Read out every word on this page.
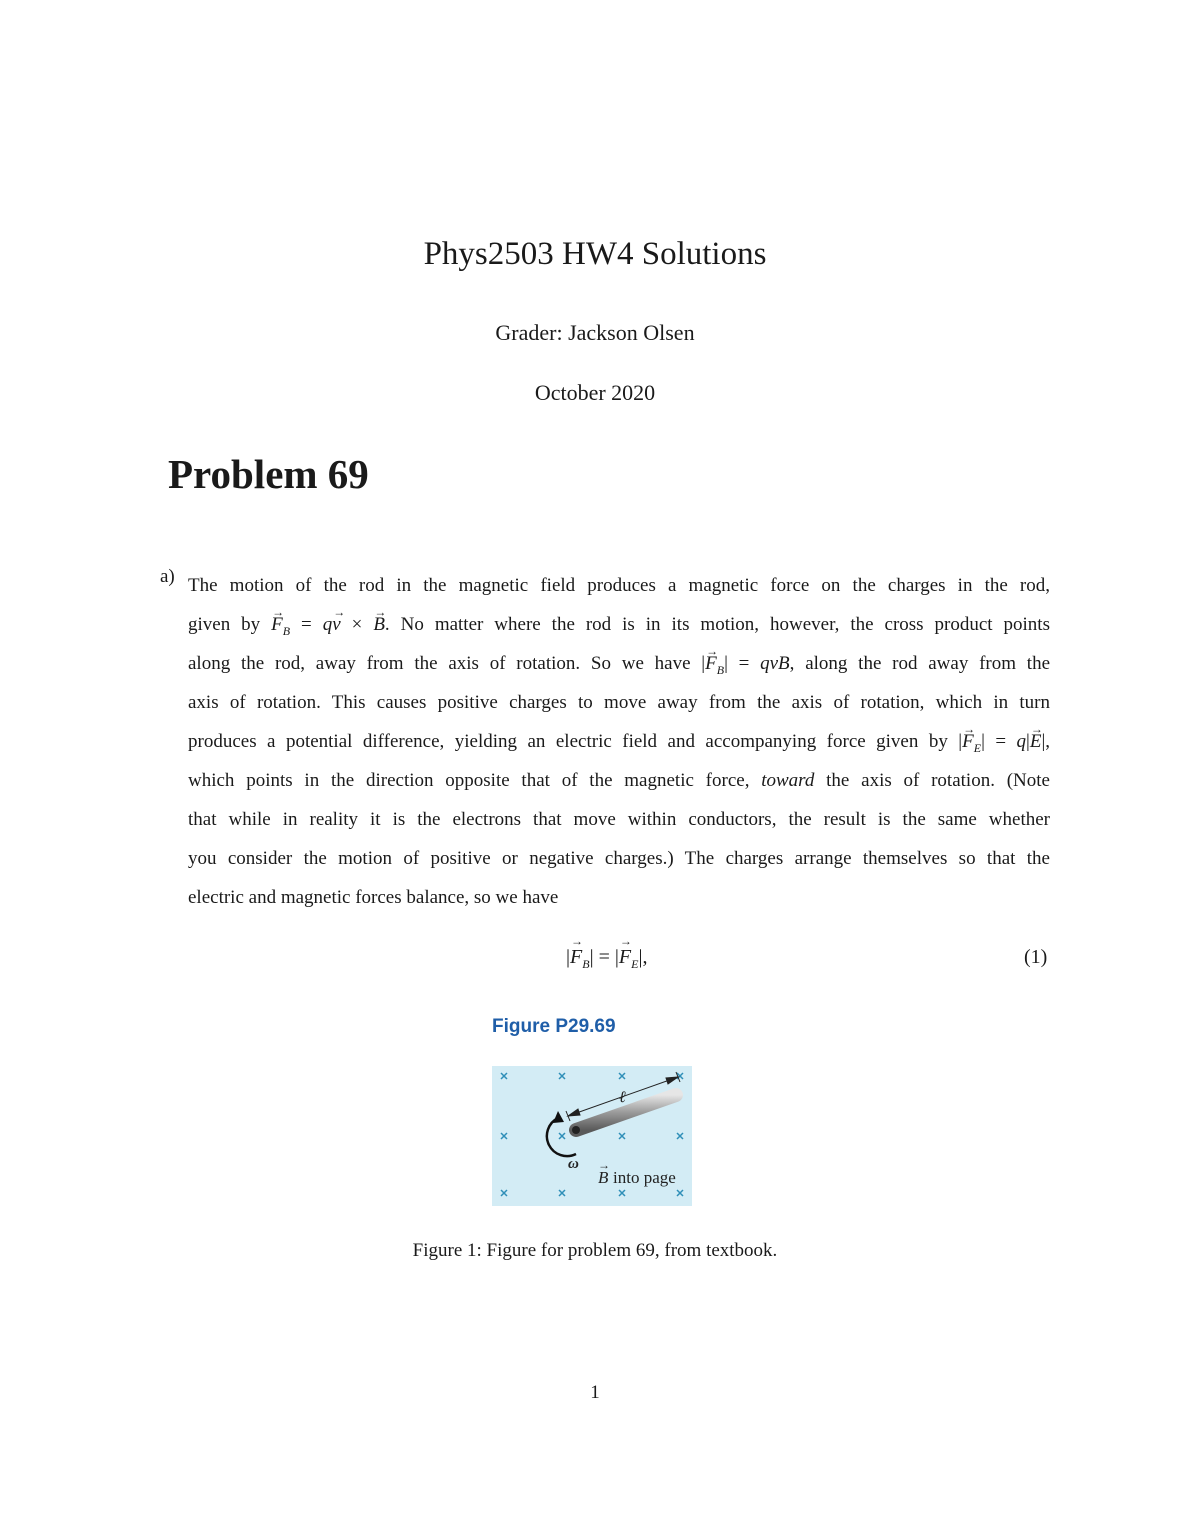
Phys2503 HW4 Solutions
Grader: Jackson Olsen
October 2020
Problem 69
a) The motion of the rod in the magnetic field produces a magnetic force on the charges in the rod,
given by → $F_B = q\to v$ × → B. No matter where the rod is in its motion, however, the cross product points
along the rod, away from the axis of rotation. So we have |→ $F_B|$ = qvB, along the rod away from the
axis of rotation. This causes positive charges to move away from the axis of rotation, which in turn
produces a potential difference, yielding an electric field and accompanying force given by |→ $F_E| = q|\to E|$,
which points in the direction opposite that of the magnetic force, toward the axis of rotation. (Note
that while in reality it is the electrons that move within conductors, the result is the same whether
you consider the motion of positive or negative charges.) The charges arrange themselves so that the
electric and magnetic forces balance, so we have
|→ $F_B|$ = |→ $F_E|$,	(1)
Figure P29.69
ℓ
ω
B
→
into page
Figure 1: Figure for problem 69, from textbook.
1
